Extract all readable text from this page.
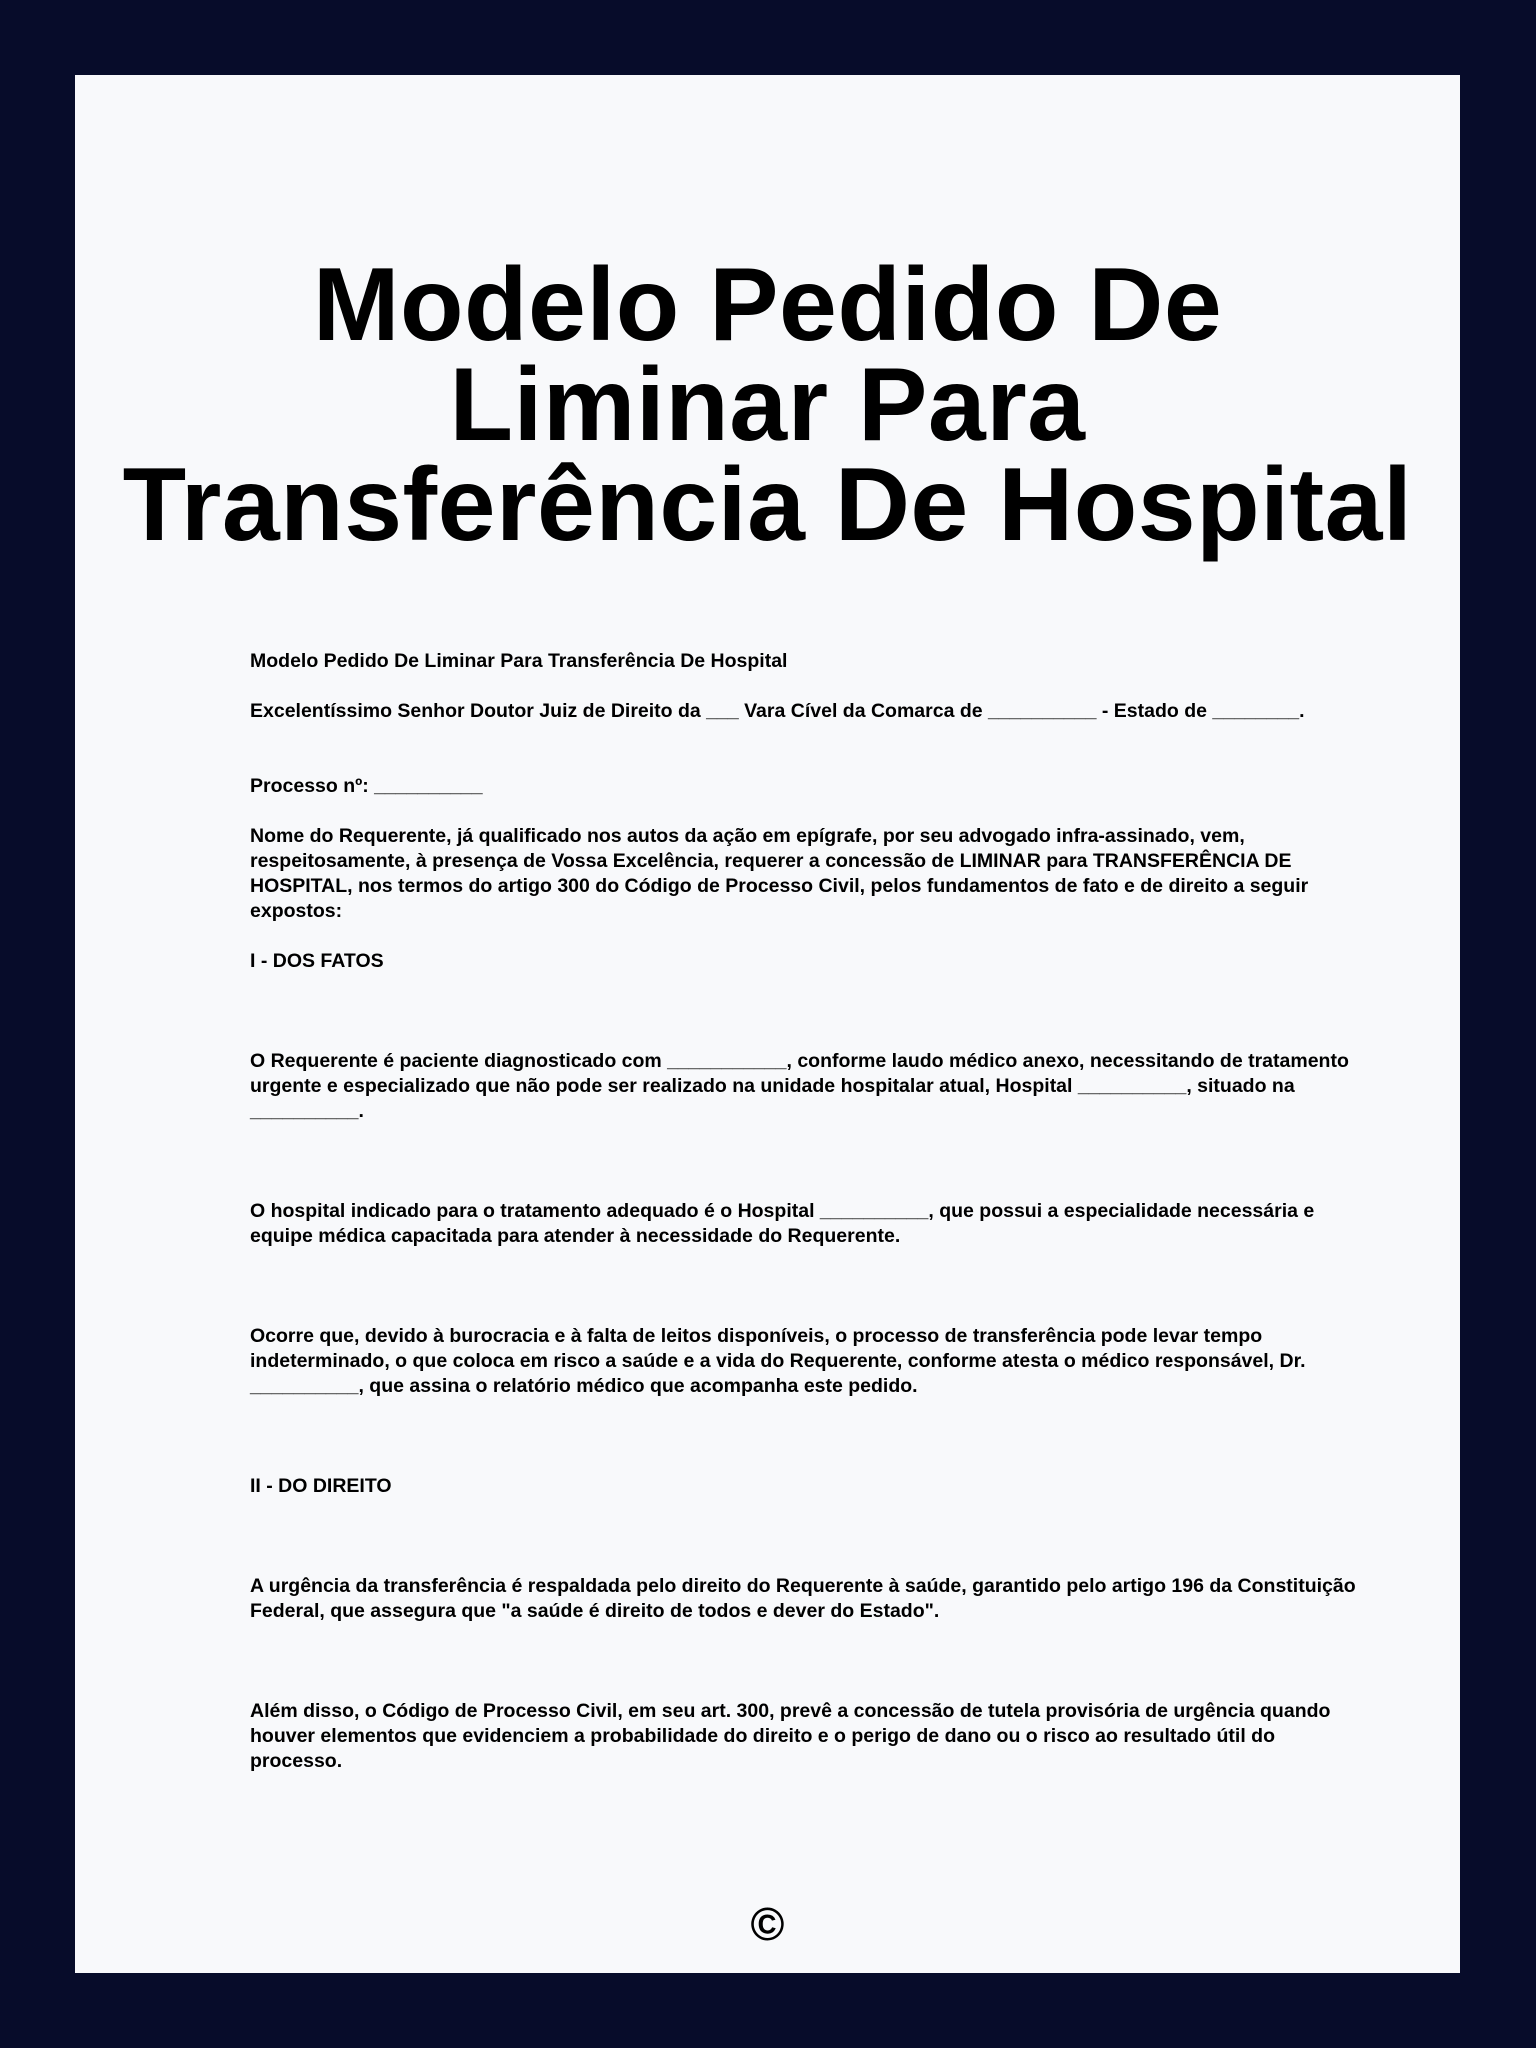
Modelo Pedido De Liminar Para Transferência De Hospital

Modelo Pedido De Liminar Para Transferência De Hospital

Excelentíssimo Senhor Doutor Juiz de Direito da ___ Vara Cível da Comarca de __________ - Estado de ________.

Processo nº: __________

Nome do Requerente, já qualificado nos autos da ação em epígrafe, por seu advogado infra-assinado, vem, respeitosamente, à presença de Vossa Excelência, requerer a concessão de LIMINAR para TRANSFERÊNCIA DE HOSPITAL, nos termos do artigo 300 do Código de Processo Civil, pelos fundamentos de fato e de direito a seguir expostos:

I - DOS FATOS

O Requerente é paciente diagnosticado com ___________, conforme laudo médico anexo, necessitando de tratamento urgente e especializado que não pode ser realizado na unidade hospitalar atual, Hospital __________, situado na __________.

O hospital indicado para o tratamento adequado é o Hospital __________, que possui a especialidade necessária e equipe médica capacitada para atender à necessidade do Requerente.

Ocorre que, devido à burocracia e à falta de leitos disponíveis, o processo de transferência pode levar tempo indeterminado, o que coloca em risco a saúde e a vida do Requerente, conforme atesta o médico responsável, Dr. __________, que assina o relatório médico que acompanha este pedido.

II - DO DIREITO

A urgência da transferência é respaldada pelo direito do Requerente à saúde, garantido pelo artigo 196 da Constituição Federal, que assegura que "a saúde é direito de todos e dever do Estado".

Além disso, o Código de Processo Civil, em seu art. 300, prevê a concessão de tutela provisória de urgência quando houver elementos que evidenciem a probabilidade do direito e o perigo de dano ou o risco ao resultado útil do processo.

©
